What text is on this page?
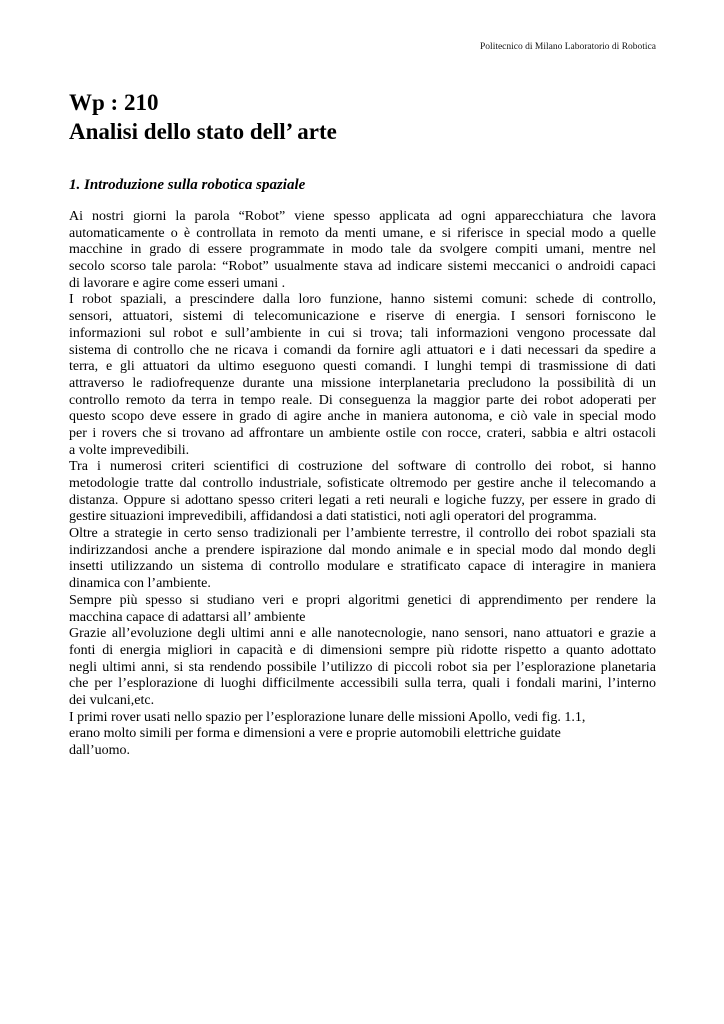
Politecnico di Milano Laboratorio di Robotica
Wp : 210
Analisi dello stato dell’ arte
1. Introduzione sulla robotica spaziale
Ai nostri giorni la parola “Robot” viene spesso applicata ad ogni apparecchiatura che lavora
automaticamente o è controllata in remoto da menti umane, e si riferisce in special modo a quelle
macchine in grado di essere programmate in modo tale da svolgere compiti umani, mentre nel
secolo scorso tale parola: “Robot” usualmente stava ad indicare sistemi meccanici o androidi capaci
di lavorare e agire come esseri umani .
I robot spaziali, a prescindere dalla loro funzione, hanno sistemi comuni: schede di controllo,
sensori, attuatori, sistemi di telecomunicazione e riserve di energia. I sensori forniscono le
informazioni sul robot e sull’ambiente in cui si trova; tali informazioni vengono processate dal
sistema di controllo che ne ricava i comandi da fornire agli attuatori e i dati necessari da spedire a
terra, e gli attuatori da ultimo eseguono questi comandi. I lunghi tempi di trasmissione di dati
attraverso le radiofrequenze durante una missione interplanetaria precludono la possibilità di un
controllo remoto da terra in tempo reale. Di conseguenza la maggior parte dei robot adoperati per
questo scopo deve essere in grado di agire anche in maniera autonoma, e ciò vale in special modo
per i rovers che si trovano ad affrontare un ambiente ostile con rocce, crateri, sabbia e altri ostacoli
a volte imprevedibili.
Tra i numerosi criteri scientifici di costruzione del software di controllo dei robot, si hanno
metodologie tratte dal controllo industriale, sofisticate oltremodo per gestire anche il telecomando a
distanza. Oppure si adottano spesso criteri legati a reti neurali e logiche fuzzy, per essere in grado di
gestire situazioni imprevedibili, affidandosi a dati statistici, noti agli operatori del programma.
Oltre a strategie in certo senso tradizionali per l’ambiente terrestre, il controllo dei robot spaziali sta
indirizzandosi anche a prendere ispirazione dal mondo animale e in special modo dal mondo degli
insetti utilizzando un sistema di controllo modulare e stratificato capace di interagire in maniera
dinamica con l’ambiente.
Sempre più spesso si studiano veri e propri algoritmi genetici di apprendimento per rendere la
macchina capace di adattarsi all’ ambiente
Grazie all’evoluzione degli ultimi anni e alle nanotecnologie, nano sensori, nano attuatori e grazie a
fonti di energia migliori in capacità e di dimensioni sempre più ridotte rispetto a quanto adottato
negli ultimi anni, si sta rendendo possibile l’utilizzo di piccoli robot sia per l’esplorazione planetaria
che per l’esplorazione di luoghi difficilmente accessibili sulla terra, quali i fondali marini, l’interno
dei vulcani,etc.
I primi rover usati nello spazio per l’esplorazione lunare delle missioni Apollo, vedi fig. 1.1,
erano molto simili per forma e dimensioni a vere e proprie automobili elettriche guidate
dall’uomo.
